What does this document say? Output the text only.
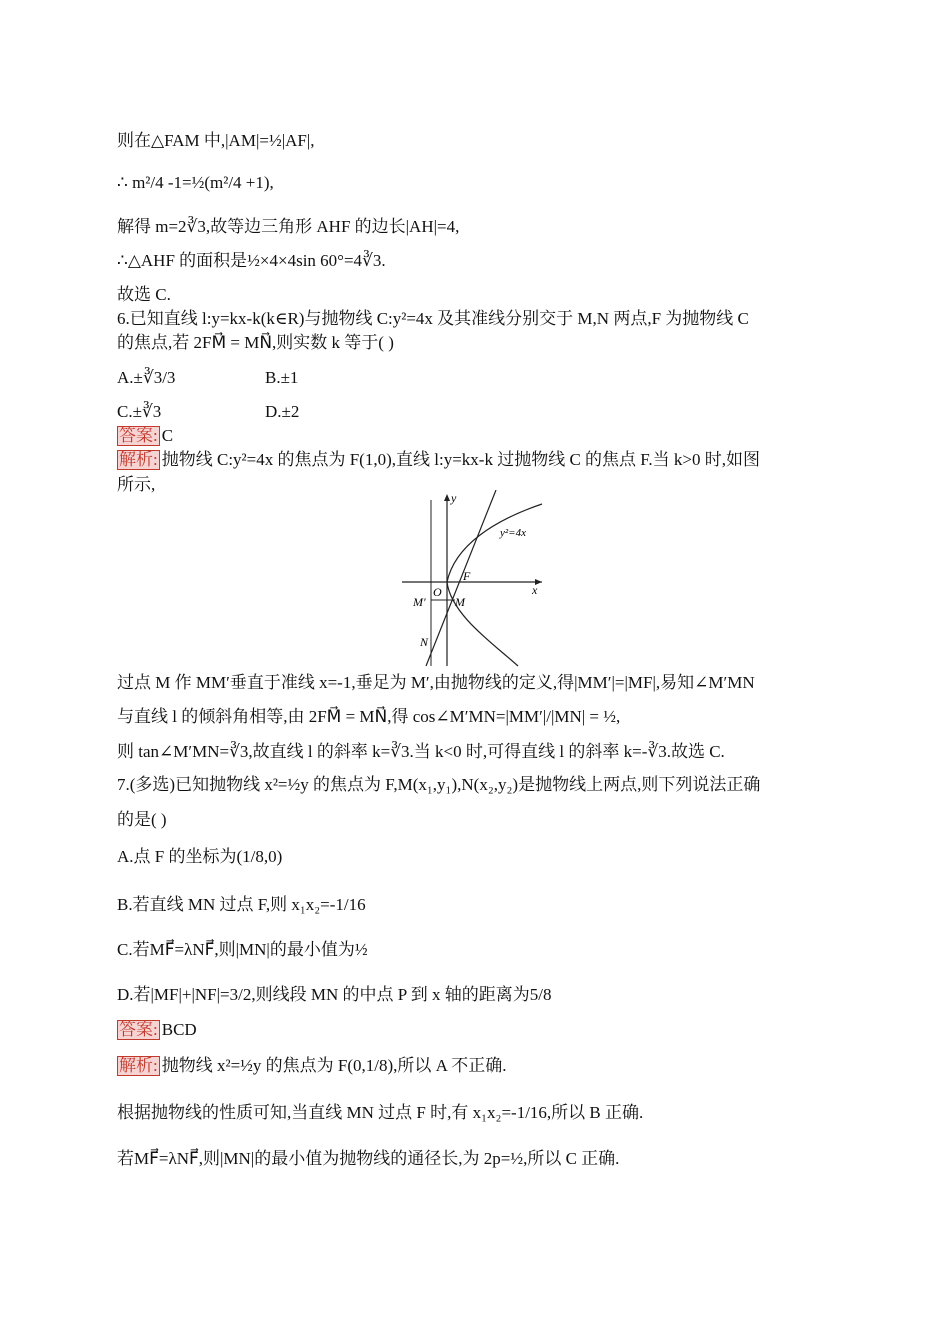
则在△FAM 中,|AM|=½|AF|,
∴ m²/4 -1=½(m²/4 +1),
解得 m=2∛3,故等边三角形 AHF 的边长|AH|=4,
∴△AHF 的面积是½×4×4sin 60°=4∛3.
故选 C.
6.已知直线 l:y=kx-k(k∈R)与抛物线 C:y²=4x 及其准线分别交于 M,N 两点,F 为抛物线 C
的焦点,若 2FM⃗ = MN⃗,则实数 k 等于( )
A.±∛3/3	B.±1
C.±∛3	D.±2
答案: C
解析: 抛物线 C:y²=4x 的焦点为 F(1,0),直线 l:y=kx-k 过抛物线 C 的焦点 F.当 k>0 时,如图
所示,
y²=4x
x
y
O
F
M
M'
N
过点 M 作 MM′垂直于准线 x=-1,垂足为 M′,由抛物线的定义,得|MM′|=|MF|,易知∠M′MN
与直线 l 的倾斜角相等,由 2FM⃗ = MN⃗,得 cos∠M′MN=|MM′|/|MN| = ½,
则 tan∠M′MN=∛3,故直线 l 的斜率 k=∛3.当 k<0 时,可得直线 l 的斜率 k=-∛3.故选 C.
7.(多选)已知抛物线 x²=½y 的焦点为 F,M(x₁,y₁),N(x₂,y₂)是抛物线上两点,则下列说法正确
的是( )
A.点 F 的坐标为(1/8,0)
B.若直线 MN 过点 F,则 x₁x₂=-1/16
C.若MF⃗=λNF⃗,则|MN|的最小值为½
D.若|MF|+|NF|=3/2,则线段 MN 的中点 P 到 x 轴的距离为5/8
答案: BCD
解析: 抛物线 x²=½y 的焦点为 F(0,1/8),所以 A 不正确.
根据抛物线的性质可知,当直线 MN 过点 F 时,有 x₁x₂=-1/16,所以 B 正确.
若MF⃗=λNF⃗,则|MN|的最小值为抛物线的通径长,为 2p=½,所以 C 正确.
